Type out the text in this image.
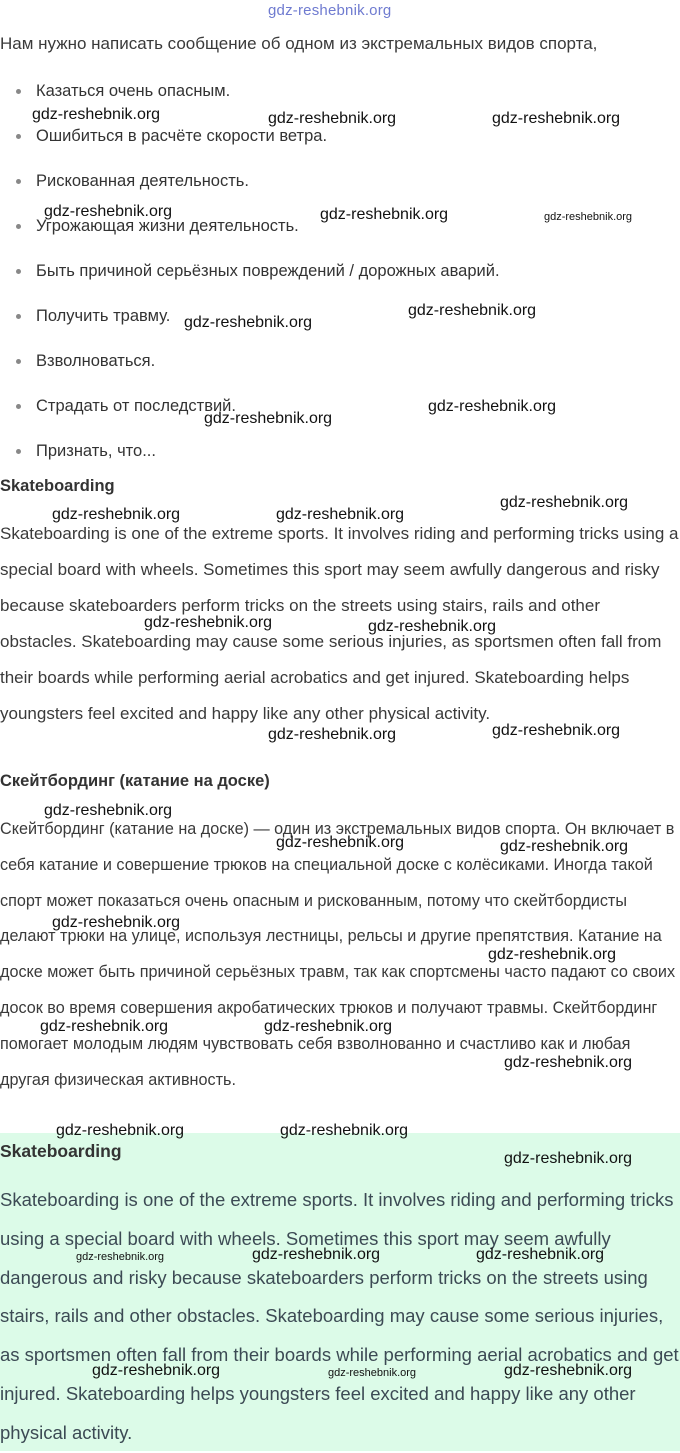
gdz-reshebnik.org
Нам нужно написать сообщение об одном из экстремальных видов спорта,
Казаться очень опасным.
Ошибиться в расчёте скорости ветра.
Рискованная деятельность.
Угрожающая жизни деятельность.
Быть причиной серьёзных повреждений / дорожных аварий.
Получить травму.
Взволноваться.
Страдать от последствий.
Признать, что...
Skateboarding

Skateboarding is one of the extreme sports. It involves riding and performing tricks using a special board with wheels. Sometimes this sport may seem awfully dangerous and risky because skateboarders perform tricks on the streets using stairs, rails and other obstacles. Skateboarding may cause some serious injuries, as sportsmen often fall from their boards while performing aerial acrobatics and get injured. Skateboarding helps youngsters feel excited and happy like any other physical activity.

Скейтбординг (катание на доске)

Скейтбординг (катание на доске) — один из экстремальных видов спорта. Он включает в себя катание и совершение трюков на специальной доске с колёсиками. Иногда такой спорт может показаться очень опасным и рискованным, потому что скейтбордисты делают трюки на улице, используя лестницы, рельсы и другие препятствия. Катание на доске может быть причиной серьёзных травм, так как спортсмены часто падают со своих досок во время совершения акробатических трюков и получают травмы. Скейтбординг помогает молодым людям чувствовать себя взволнованно и счастливо как и любая другая физическая активность.

Skateboarding

Skateboarding is one of the extreme sports. It involves riding and performing tricks using a special board with wheels. Sometimes this sport may seem awfully dangerous and risky because skateboarders perform tricks on the streets using stairs, rails and other obstacles. Skateboarding may cause some serious injuries, as sportsmen often fall from their boards while performing aerial acrobatics and get injured. Skateboarding helps youngsters feel excited and happy like any other physical activity.

gdz-reshebnik.org	gdz-reshebnik.org	gdz-reshebnik.org
gdz-reshebnik.org	gdz-reshebnik.org	gdz-reshebnik.org
gdz-reshebnik.org
gdz-reshebnik.org
gdz-reshebnik.org
gdz-reshebnik.org
gdz-reshebnik.org
gdz-reshebnik.org	gdz-reshebnik.org
gdz-reshebnik.org	gdz-reshebnik.org
gdz-reshebnik.org	gdz-reshebnik.org
gdz-reshebnik.org
gdz-reshebnik.org	gdz-reshebnik.org
gdz-reshebnik.org
gdz-reshebnik.org
gdz-reshebnik.org	gdz-reshebnik.org
gdz-reshebnik.org
gdz-reshebnik.org	gdz-reshebnik.org
gdz-reshebnik.org
gdz-reshebnik.org	gdz-reshebnik.org	gdz-reshebnik.org
gdz-reshebnik.org	gdz-reshebnik.org	gdz-reshebnik.org
